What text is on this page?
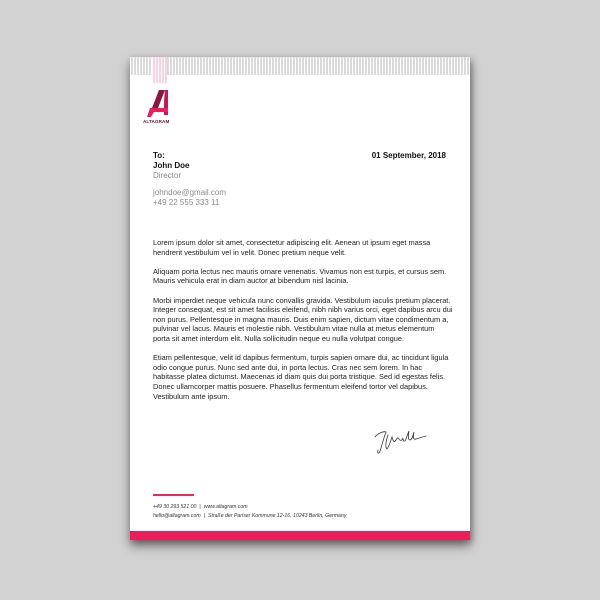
ALTAGRAM
To:
John Doe
Director
johndoe@gmail.com
+49 22 555 333 11
01 September, 2018

Lorem ipsum dolor sit amet, consectetur adipiscing elit. Aenean ut ipsum eget massa hendrerit vestibulum vel in velit. Donec pretium neque velit.

Aliquam porta lectus nec mauris ornare venenatis. Vivamus non est turpis, et cursus sem. Mauris vehicula erat in diam auctor at bibendum nisl lacinia.

Morbi imperdiet neque vehicula nunc convallis gravida. Vestibulum iaculis pretium placerat. Integer consequat, est sit amet facilisis eleifend, nibh nibh varius orci, eget dapibus arcu dui non purus. Pellentesque in magna mauris. Duis enim sapien, dictum vitae condimentum a, pulvinar vel lacus. Mauris et molestie nibh. Vestibulum vitae nulla at metus elementum porta sit amet interdum elit. Nulla sollicitudin neque eu nulla volutpat congue.

Etiam pellentesque, velit id dapibus fermentum, turpis sapien ornare dui, ac tincidunt ligula odio congue purus. Nunc sed ante dui, in porta lectus. Cras nec sem lorem. In hac habitasse platea dictumst. Maecenas id diam quis dui porta tristique. Sed id egestas felis. Donec ullamcorper mattis posuere. Phasellus fermentum eleifend tortor vel dapibus. Vestibulum ante ipsum.

+49 30 293 521 00 | www.altagram.com
hello@altagram.com | Straße der Pariser Kommune 12-16, 10243 Berlin, Germany
